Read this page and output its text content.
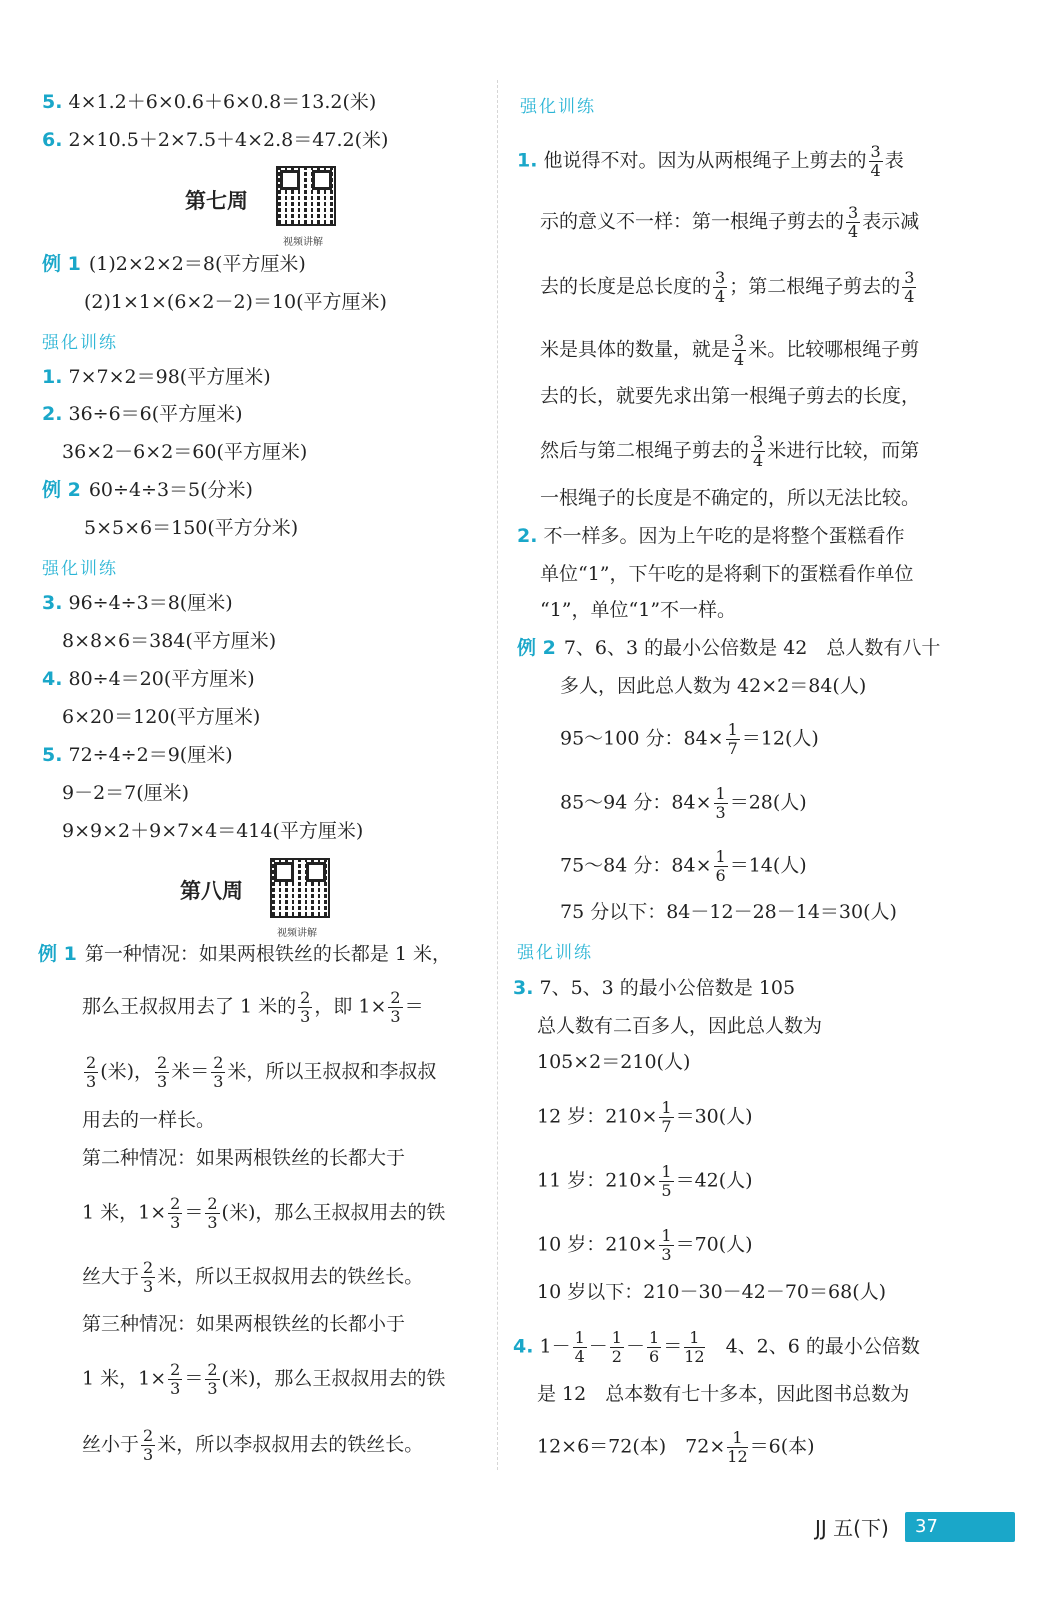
5. 4×1.2＋6×0.6＋6×0.8＝13.2(米)
6. 2×10.5＋2×7.5＋4×2.8＝47.2(米)
第七周
视频讲解
例 1 (1)2×2×2＝8(平方厘米)
(2)1×1×(6×2－2)＝10(平方厘米)
强化训练
1. 7×7×2＝98(平方厘米)
2. 36÷6＝6(平方厘米)
36×2－6×2＝60(平方厘米)
例 2 60÷4÷3＝5(分米)
5×5×6＝150(平方分米)
强化训练
3. 96÷4÷3＝8(厘米)
8×8×6＝384(平方厘米)
4. 80÷4＝20(平方厘米)
6×20＝120(平方厘米)
5. 72÷4÷2＝9(厘米)
9－2＝7(厘米)
9×9×2＋9×7×4＝414(平方厘米)
第八周
视频讲解
例 1 第一种情况：如果两根铁丝的长都是 1 米，
那么王叔叔用去了 1 米的 $\frac{2}{3}$ ，即 $1\times \frac{2}{3}$ ＝
$\frac{2}{3}$ (米)， $\frac{2}{3}$ 米＝ $\frac{2}{3}$ 米，所以王叔叔和李叔叔
用去的一样长。
第二种情况：如果两根铁丝的长都大于
1 米，$1\times \frac{2}{3} = \frac{2}{3}$ (米)，那么王叔叔用去的铁
丝大于 $\frac{2}{3}$ 米，所以王叔叔用去的铁丝长。
第三种情况：如果两根铁丝的长都小于
1 米，$1\times \frac{2}{3} = \frac{2}{3}$ (米)，那么王叔叔用去的铁
丝小于 $\frac{2}{3}$ 米，所以李叔叔用去的铁丝长。
强化训练
1. 他说得不对。因为从两根绳子上剪去的 $\frac{3}{4}$ 表
示的意义不一样：第一根绳子剪去的 $\frac{3}{4}$ 表示减
去的长度是总长度的 $\frac{3}{4}$ ；第二根绳子剪去的 $\frac{3}{4}$
米是具体的数量，就是 $\frac{3}{4}$ 米。比较哪根绳子剪
去的长，就要先求出第一根绳子剪去的长度，
然后与第二根绳子剪去的 $\frac{3}{4}$ 米进行比较，而第
一根绳子的长度是不确定的，所以无法比较。
2. 不一样多。因为上午吃的是将整个蛋糕看作
单位“1”，下午吃的是将剩下的蛋糕看作单位
“1”，单位“1”不一样。
例 2 7、6、3 的最小公倍数是 42　总人数有八十
多人，因此总人数为 42×2＝84(人)
95～100 分：$84\times \frac{1}{7} =12$(人)
85～94 分：$84\times \frac{1}{3} =28$(人)
75～84 分：$84\times \frac{1}{6} =14$(人)
75 分以下：84－12－28－14＝30(人)
强化训练
3. 7、5、3 的最小公倍数是 105
总人数有二百多人，因此总人数为
105×2＝210(人)
12 岁：$210\times \frac{1}{7} =30$(人)
11 岁：$210\times \frac{1}{5} =42$(人)
10 岁：$210\times \frac{1}{3} =70$(人)
10 岁以下：210－30－42－70＝68(人)
4. $1- \frac{1}{4} - \frac{1}{2} - \frac{1}{6} = \frac{1}{12}$
　 4、2、6 的最小公倍数
是 12　总本数有七十多本，因此图书总数为
12×6＝72(本)　$72\times \frac{1}{12} =6$(本)
JJ 五(下)	37
